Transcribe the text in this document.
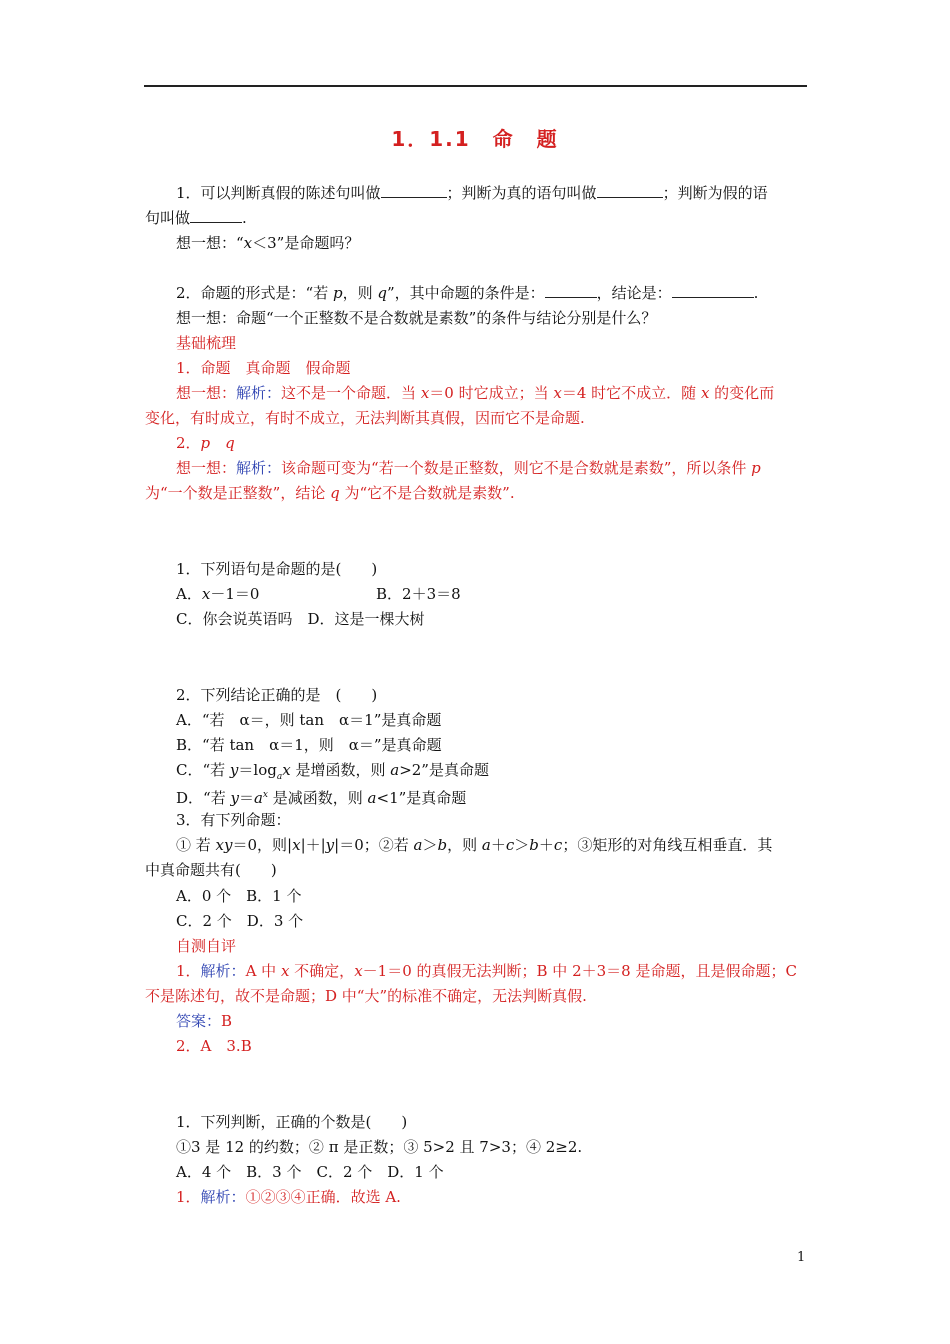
1．1.1　命　题
1．可以判断真假的陈述句叫做	；判断为真的语句叫做	；判断为假的语
句叫做	.
想一想：“x＜3”是命题吗？
2．命题的形式是：“若 p，则 q”，其中命题的条件是：	，结论是：	.
想一想：命题“一个正整数不是合数就是素数”的条件与结论分别是什么？
基础梳理
1．命题　真命题　假命题
想一想：解析：这不是一个命题．当 x＝0 时它成立；当 x＝4 时它不成立．随 x 的变化而
变化，有时成立，有时不成立，无法判断其真假，因而它不是命题.
2．p　 q
想一想：解析：该命题可变为“若一个数是正整数，则它不是合数就是素数”，所以条件 p
为“一个数是正整数”，结论 q 为“它不是合数就是素数”.
1．下列语句是命题的是(　　)
A．x－1＝0	B．2＋3＝8
C．你会说英语吗　D．这是一棵大树
2．下列结论正确的是　(　　)
A．“若　α＝，则 tan　α＝1”是真命题
B．“若 tan　α＝1，则　α＝”是真命题
C．“若 $y=\log_ax$ 是增函数，则 a>2”是真命题
D．“若 $y=a^x$ 是减函数，则 a<1”是真命题
3．有下列命题：
① 若 xy＝0，则|x|＋|y|＝0；②若 a＞b，则 a＋c＞b＋c；③矩形的对角线互相垂直．其
中真命题共有(　　)
A．0 个　B．1 个
C．2 个　D．3 个
自测自评
1．解析：A 中 x 不确定，x－1＝0 的真假无法判断；B 中 2＋3＝8 是命题，且是假命题；C
不是陈述句，故不是命题；D 中“大”的标准不确定，无法判断真假.
答案：B
2．A　3.B
1．下列判断，正确的个数是(　　)
①3 是 12 的约数；② π 是正数；③ 5>2 且 7>3；④ 2≥2.
A．4 个　B．3 个　C．2 个　D．1 个
1．解析：①②③④正确．故选 A.
1
